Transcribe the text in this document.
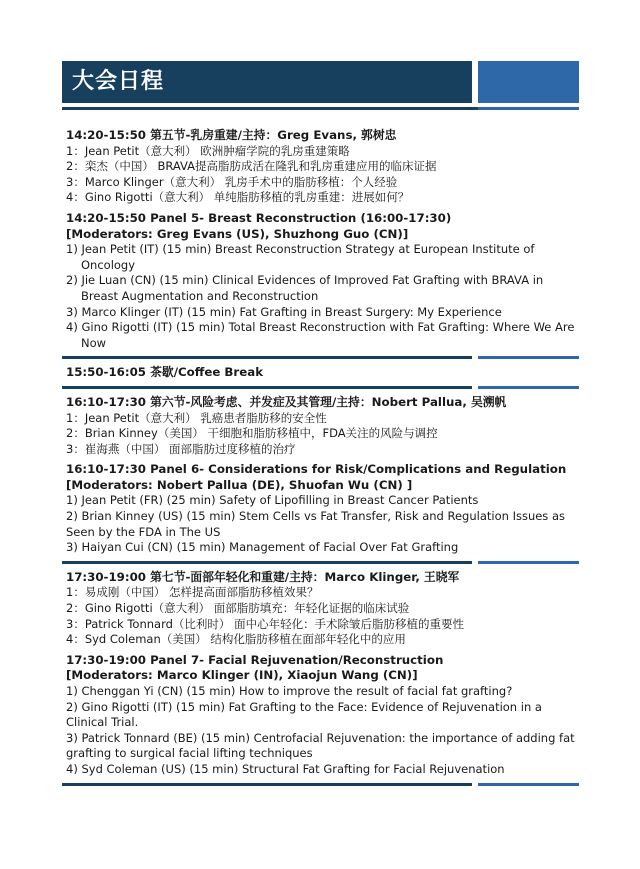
大会日程

14:20-15:50 第五节-乳房重建/主持：Greg Evans, 郭树忠

1：Jean Petit（意大利） 欧洲肿瘤学院的乳房重建策略

2：栾杰（中国） BRAVA提高脂肪成活在隆乳和乳房重建应用的临床证据

3：Marco Klinger（意大利） 乳房手术中的脂肪移植：个人经验

4：Gino Rigotti（意大利） 单纯脂肪移植的乳房重建：进展如何？

14:20-15:50 Panel 5- Breast Reconstruction (16:00-17:30)

[Moderators: Greg Evans (US), Shuzhong Guo (CN)]

1) Jean Petit (IT) (15 min) Breast Reconstruction Strategy at European Institute of Oncology

2) Jie Luan (CN) (15 min) Clinical Evidences of Improved Fat Grafting with BRAVA in Breast Augmentation and Reconstruction

3) Marco Klinger (IT) (15 min) Fat Grafting in Breast Surgery: My Experience

4) Gino Rigotti (IT) (15 min) Total Breast Reconstruction with Fat Grafting: Where We Are Now

15:50-16:05 茶歇/Coffee Break

16:10-17:30 第六节-风险考虑、并发症及其管理/主持：Nobert Pallua, 吴溯帆

1：Jean Petit（意大利） 乳癌患者脂肪移的安全性

2：Brian Kinney（美国） 干细胞和脂肪移植中，FDA关注的风险与调控

3：崔海燕（中国） 面部脂肪过度移植的治疗

16:10-17:30 Panel 6- Considerations for Risk/Complications and Regulation

[Moderators: Nobert Pallua (DE), Shuofan Wu (CN) ]

1) Jean Petit (FR) (25 min) Safety of Lipofilling in Breast Cancer Patients

2) Brian Kinney (US) (15 min) Stem Cells vs Fat Transfer, Risk and Regulation Issues as Seen by the FDA in The US

3) Haiyan Cui (CN) (15 min) Management of Facial Over Fat Grafting

17:30-19:00 第七节-面部年轻化和重建/主持：Marco Klinger, 王晓军

1：易成刚（中国） 怎样提高面部脂肪移植效果？

2：Gino Rigotti（意大利） 面部脂肪填充：年轻化证据的临床试验

3：Patrick Tonnard（比利时） 面中心年轻化：手术除皱后脂肪移植的重要性

4：Syd Coleman（美国） 结构化脂肪移植在面部年轻化中的应用

17:30-19:00 Panel 7- Facial Rejuvenation/Reconstruction

[Moderators: Marco Klinger (IN), Xiaojun Wang (CN)]

1) Chenggan Yi (CN) (15 min) How to improve the result of facial fat grafting?

2) Gino Rigotti (IT) (15 min) Fat Grafting to the Face: Evidence of Rejuvenation in a Clinical Trial.

3) Patrick Tonnard (BE) (15 min) Centrofacial Rejuvenation: the importance of adding fat grafting to surgical facial lifting techniques

4) Syd Coleman (US) (15 min) Structural Fat Grafting for Facial Rejuvenation
